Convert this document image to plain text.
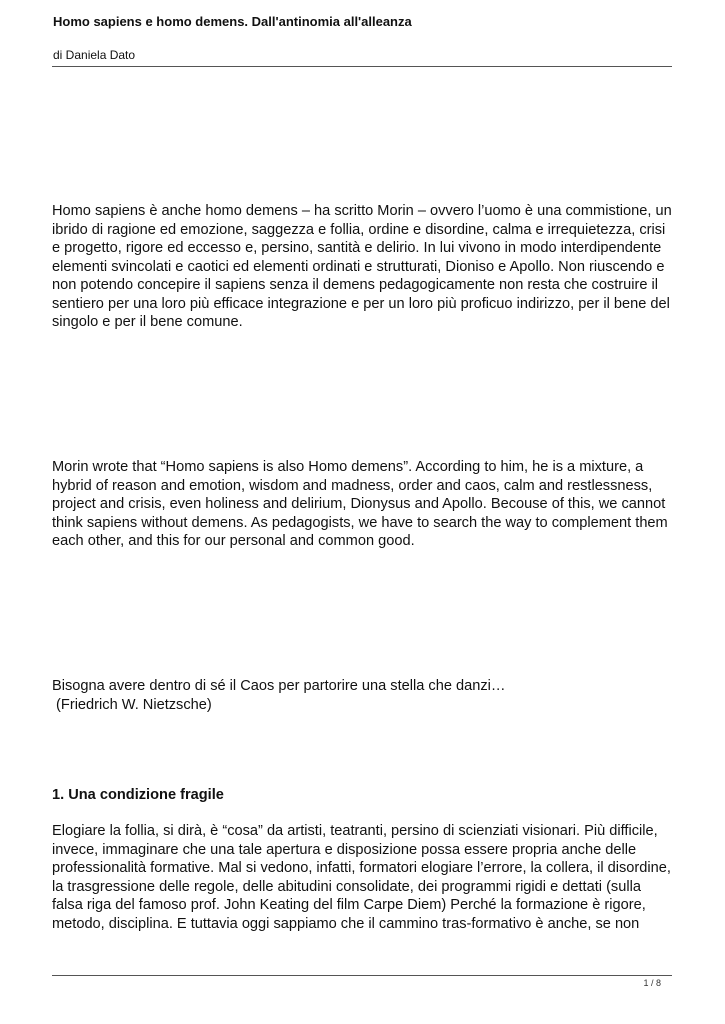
Homo sapiens e homo demens. Dall'antinomia all'alleanza
di Daniela Dato

Homo sapiens è anche homo demens – ha scritto Morin – ovvero l’uomo è una commistione, un
ibrido di ragione ed emozione, saggezza e follia, ordine e disordine, calma e irrequietezza, crisi
e progetto, rigore ed eccesso e, persino, santità e delirio. In lui vivono in modo interdipendente
elementi svincolati e caotici ed elementi ordinati e strutturati, Dioniso e Apollo. Non riuscendo e
non potendo concepire il sapiens senza il demens pedagogicamente non resta che costruire il
sentiero per una loro più efficace integrazione e per un loro più proficuo indirizzo, per il bene del
singolo e per il bene comune.

Morin wrote that “Homo sapiens is also Homo demens”. According to him, he is a mixture, a
hybrid of reason and emotion, wisdom and madness, order and caos, calm and restlessness,
project and crisis, even holiness and delirium, Dionysus and Apollo. Becouse of this, we cannot
think sapiens without demens. As pedagogists, we have to search the way to complement them
each other, and this for our personal and common good.

Bisogna avere dentro di sé il Caos per partorire una stella che danzi…
(Friedrich W. Nietzsche)

1. Una condizione fragile

Elogiare la follia, si dirà, è “cosa” da artisti, teatranti, persino di scienziati visionari. Più difficile,
invece, immaginare che una tale apertura e disposizione possa essere propria anche delle
professionalità formative. Mal si vedono, infatti, formatori elogiare l’errore, la collera, il disordine,
la trasgressione delle regole, delle abitudini consolidate, dei programmi rigidi e dettati (sulla
falsa riga del famoso prof. John Keating del film Carpe Diem) Perché la formazione è rigore,
metodo, disciplina. E tuttavia oggi sappiamo che il cammino tras-formativo è anche, se non

1 / 8
